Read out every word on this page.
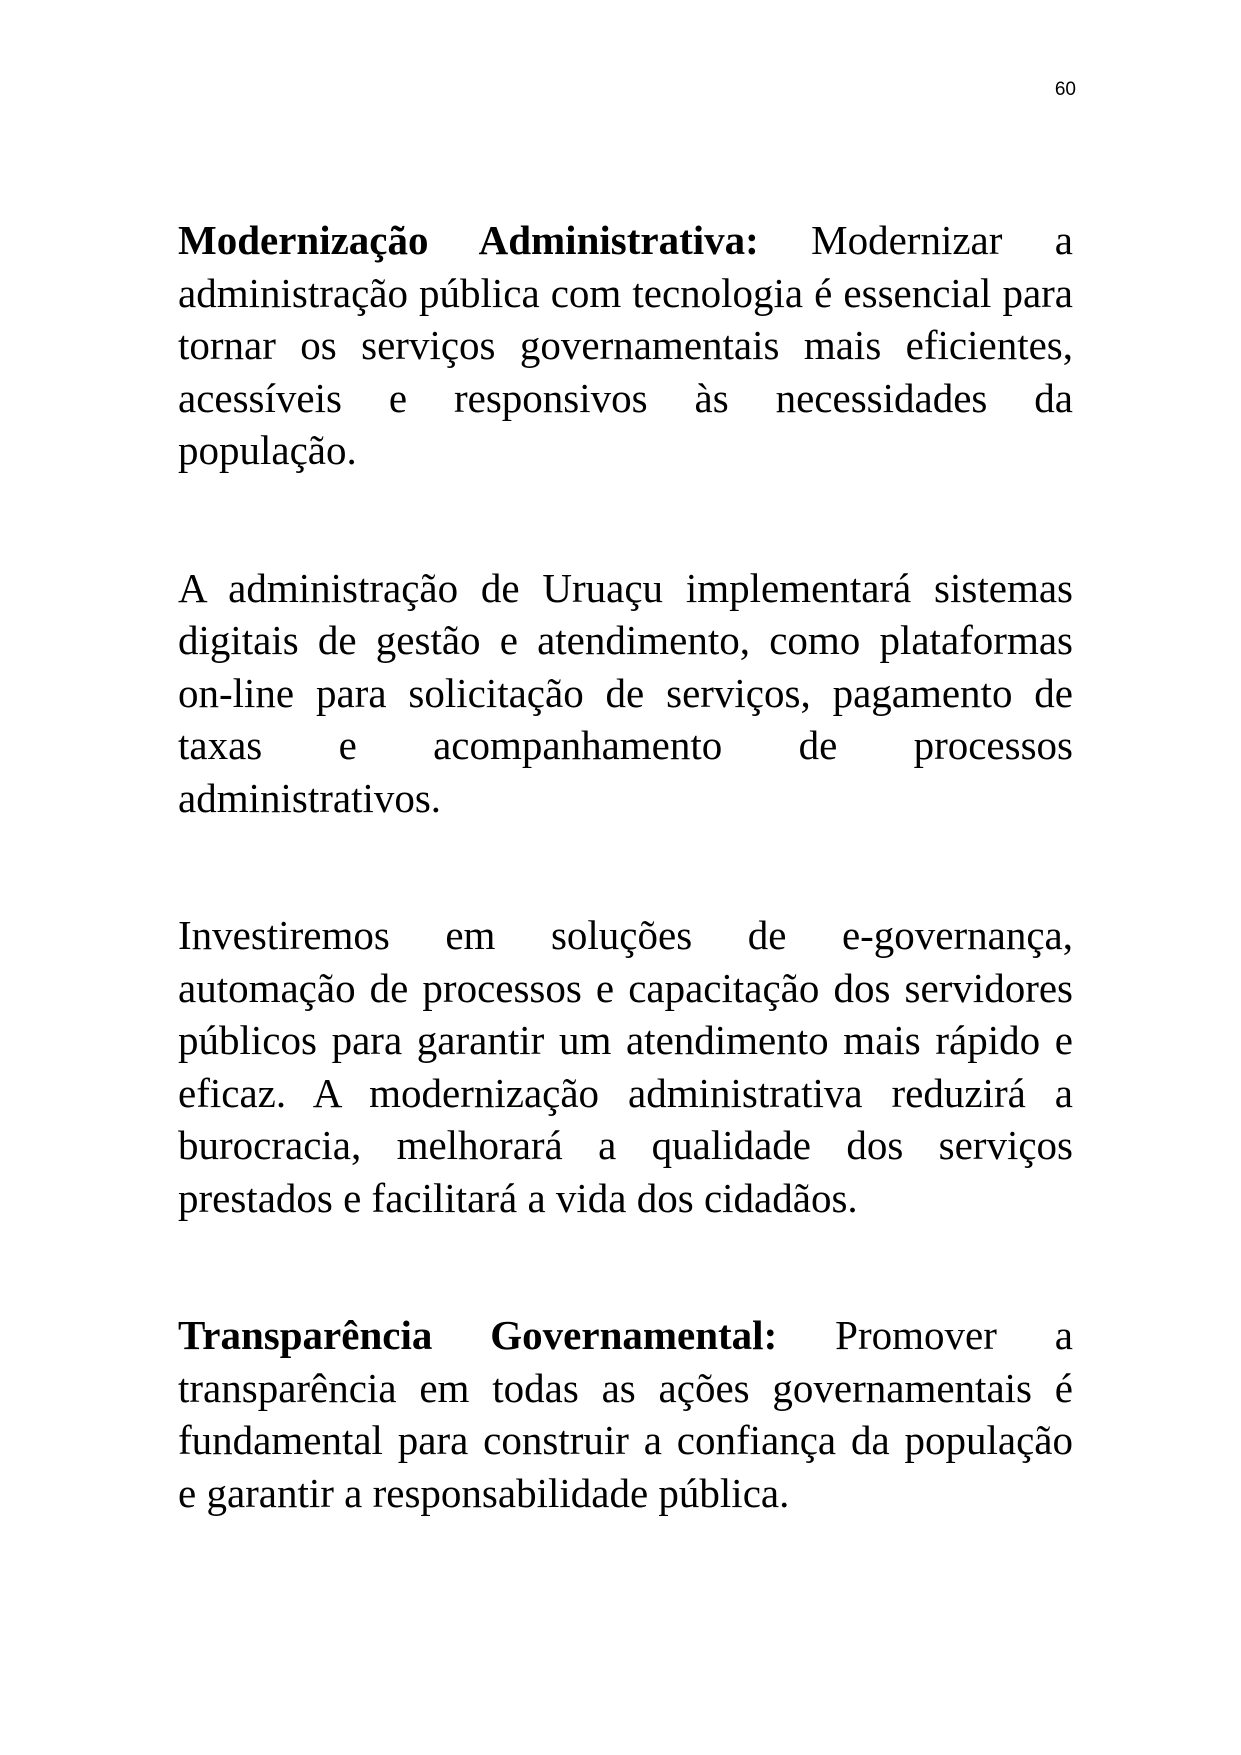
60

Modernização Administrativa: Modernizar a administração pública com tecnologia é essencial para tornar os serviços governamentais mais eficientes, acessíveis e responsivos às necessidades da população.

A administração de Uruaçu implementará sistemas digitais de gestão e atendimento, como plataformas on-line para solicitação de serviços, pagamento de taxas e acompanhamento de processos administrativos.

Investiremos em soluções de e-governança, automação de processos e capacitação dos servidores públicos para garantir um atendimento mais rápido e eficaz. A modernização administrativa reduzirá a burocracia, melhorará a qualidade dos serviços prestados e facilitará a vida dos cidadãos.

Transparência Governamental: Promover a transparência em todas as ações governamentais é fundamental para construir a confiança da população e garantir a responsabilidade pública.
